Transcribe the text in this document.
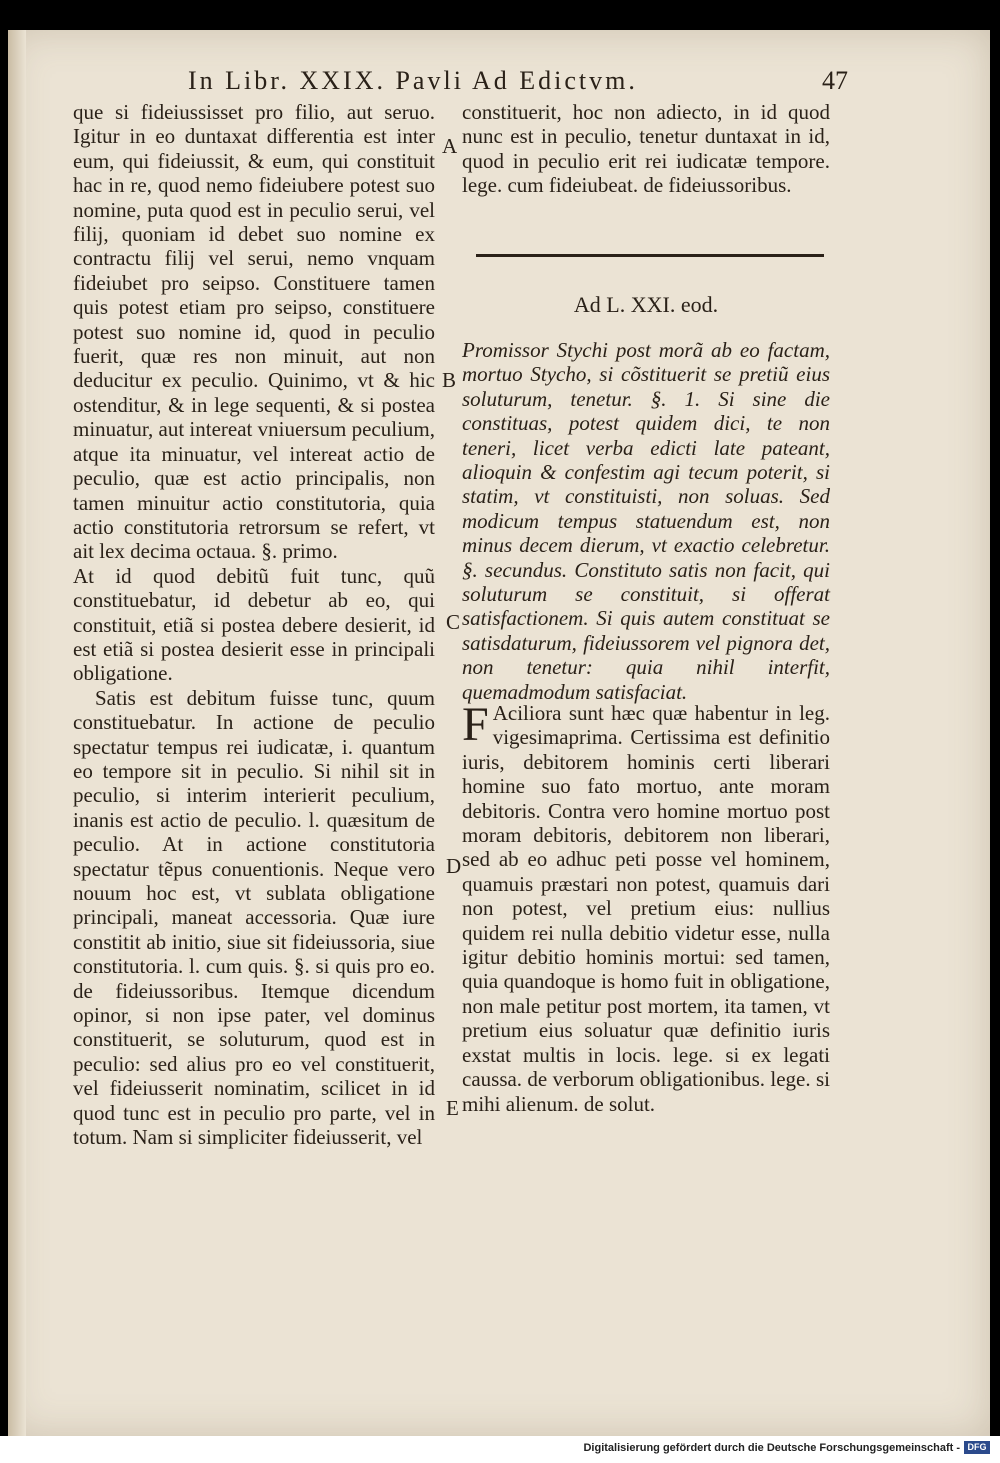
In Libr. XXIX. Pavli Ad Edictvm.	47

que si fideiussisset pro filio, aut seruo. Igitur in eo duntaxat differentia est inter eum, qui fideiussit, & eum, qui constituit hac in re, quod nemo fideiubere potest suo nomine, puta quod est in peculio serui, vel filij, quoniam id debet suo nomine ex contractu filij vel serui, nemo vnquam fideiubet pro seipso. Constituere tamen quis potest etiam pro seipso, constituere potest suo nomine id, quod in peculio fuerit, quæ res non minuit, aut non deducitur ex peculio. Quinimo, vt & hic ostenditur, & in lege sequenti, & si postea minuatur, aut intereat vniuersum peculium, atque ita minuatur, vel intereat actio de peculio, quæ est actio principalis, non tamen minuitur actio constitutoria, quia actio constitutoria retrorsum se refert, vt ait lex decima octaua. §. primo.

At id quod debitũ fuit tunc, quũ constituebatur, id debetur ab eo, qui constituit, etiã si postea debere desierit, id est etiã si postea desierit esse in principali obligatione.

Satis est debitum fuisse tunc, quum constituebatur. In actione de peculio spectatur tempus rei iudicatæ, i. quantum eo tempore sit in peculio. Si nihil sit in peculio, si interim interierit peculium, inanis est actio de peculio. l. quæsitum de peculio. At in actione constitutoria spectatur tẽpus conuentionis. Neque vero nouum hoc est, vt sublata obligatione principali, maneat accessoria. Quæ iure constitit ab initio, siue sit fideiussoria, siue constitutoria. l. cum quis. §. si quis pro eo. de fideiussoribus. Itemque dicendum opinor, si non ipse pater, vel dominus constituerit, se soluturum, quod est in peculio: sed alius pro eo vel constituerit, vel fideiusserit nominatim, scilicet in id quod tunc est in peculio pro parte, vel in totum. Nam si simpliciter fideiusserit, vel

A
B
C
D
E

constituerit, hoc non adiecto, in id quod nunc est in peculio, tenetur duntaxat in id, quod in peculio erit rei iudicatæ tempore. lege. cum fideiubeat. de fideiussoribus.

Ad L. XXI. eod.

Promissor Stychi post morã ab eo factam, mortuo Stycho, si cõstituerit se pretiũ eius soluturum, tenetur. §. 1. Si sine die constituas, potest quidem dici, te non teneri, licet verba edicti late pateant, alioquin & confestim agi tecum poterit, si statim, vt constituisti, non soluas. Sed modicum tempus statuendum est, non minus decem dierum, vt exactio celebretur. §. secundus. Constituto satis non facit, qui soluturum se constituit, si offerat satisfactionem. Si quis autem constituat se satisdaturum, fideiussorem vel pignora det, non tenetur: quia nihil interfit, quemadmodum satisfaciat.

F Aciliora sunt hæc quæ habentur in leg. vigesimaprima. Certissima est definitio iuris, debitorem hominis certi liberari homine suo fato mortuo, ante moram debitoris. Contra vero homine mortuo post moram debitoris, debitorem non liberari, sed ab eo adhuc peti posse vel hominem, quamuis præstari non potest, quamuis dari non potest, vel pretium eius: nullius quidem rei nulla debitio videtur esse, nulla igitur debitio hominis mortui: sed tamen, quia quandoque is homo fuit in obligatione, non male petitur post mortem, ita tamen, vt pretium eius soluatur quæ definitio iuris exstat multis in locis. lege. si ex legati caussa. de verborum obligationibus. lege. si mihi alienum. de solut.

Digitalisierung gefördert durch die Deutsche Forschungsgemeinschaft - DFG
